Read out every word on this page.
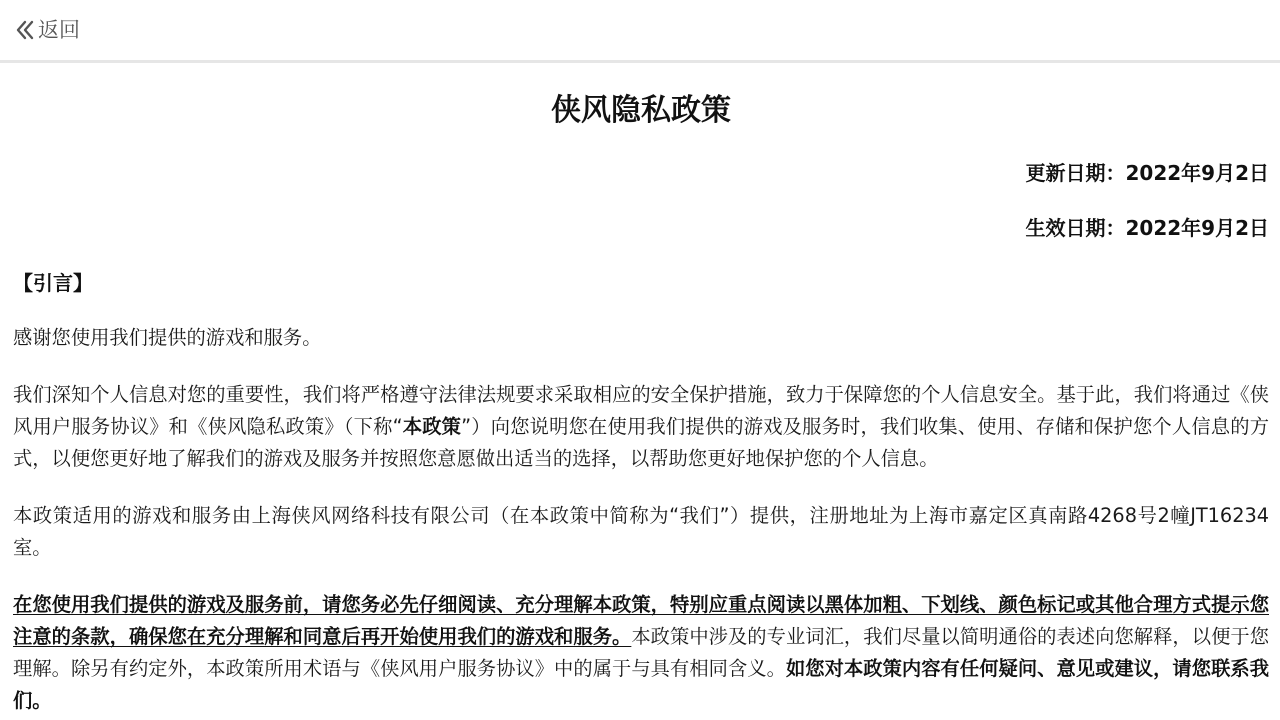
返回
侠风隐私政策

更新日期：2022年9月2日

生效日期：2022年9月2日

【引言】

感谢您使用我们提供的游戏和服务。

我们深知个人信息对您的重要性，我们将严格遵守法律法规要求采取相应的安全保护措施，致力于保障您的个人信息安全。基于此，我们将通过《侠风用户服务协议》和《侠风隐私政策》（下称“本政策”）向您说明您在使用我们提供的游戏及服务时，我们收集、使用、存储和保护您个人信息的方式，以便您更好地了解我们的游戏及服务并按照您意愿做出适当的选择，以帮助您更好地保护您的个人信息。

本政策适用的游戏和服务由上海侠风网络科技有限公司（在本政策中简称为“我们”）提供，注册地址为上海市嘉定区真南路4268号2幢JT16234室。

在您使用我们提供的游戏及服务前，请您务必先仔细阅读、充分理解本政策，特别应重点阅读以黑体加粗、下划线、颜色标记或其他合理方式提示您注意的条款，确保您在充分理解和同意后再开始使用我们的游戏和服务。本政策中涉及的专业词汇，我们尽量以简明通俗的表述向您解释，以便于您理解。除另有约定外，本政策所用术语与《侠风用户服务协议》中的属于与具有相同含义。如您对本政策内容有任何疑问、意见或建议，请您联系我们。
